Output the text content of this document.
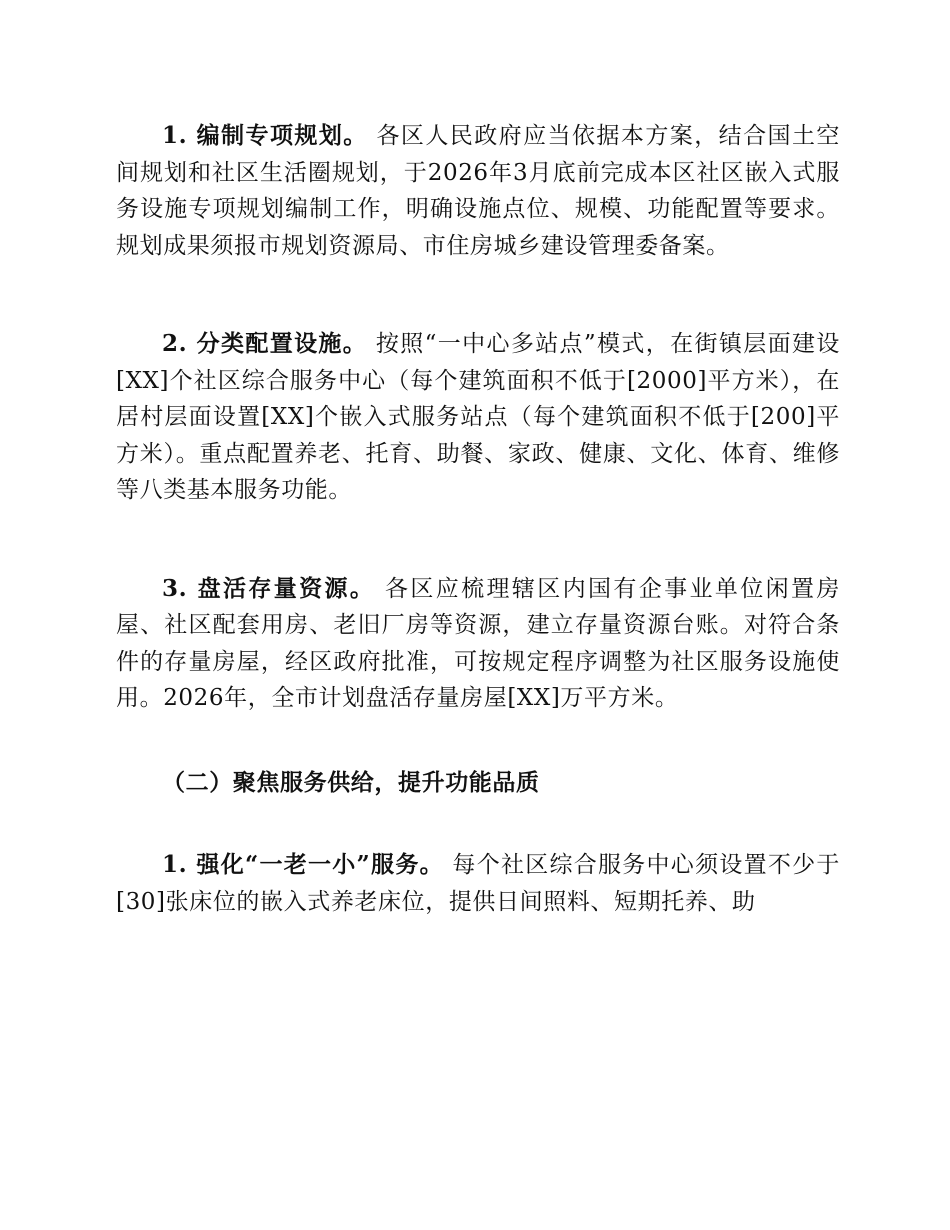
1. 编制专项规划。 各区人民政府应当依据本方案，结合国土空间规划和社区生活圈规划，于2026年3月底前完成本区社区嵌入式服务设施专项规划编制工作，明确设施点位、规模、功能配置等要求。规划成果须报市规划资源局、市住房城乡建设管理委备案。

2. 分类配置设施。 按照“一中心多站点”模式，在街镇层面建设[XX]个社区综合服务中心（每个建筑面积不低于[2000]平方米），在居村层面设置[XX]个嵌入式服务站点（每个建筑面积不低于[200]平方米）。重点配置养老、托育、助餐、家政、健康、文化、体育、维修等八类基本服务功能。

3. 盘活存量资源。 各区应梳理辖区内国有企事业单位闲置房屋、社区配套用房、老旧厂房等资源，建立存量资源台账。对符合条件的存量房屋，经区政府批准，可按规定程序调整为社区服务设施使用。2026年，全市计划盘活存量房屋[XX]万平方米。

（二）聚焦服务供给，提升功能品质

1. 强化“一老一小”服务。 每个社区综合服务中心须设置不少于[30]张床位的嵌入式养老床位，提供日间照料、短期托养、助
